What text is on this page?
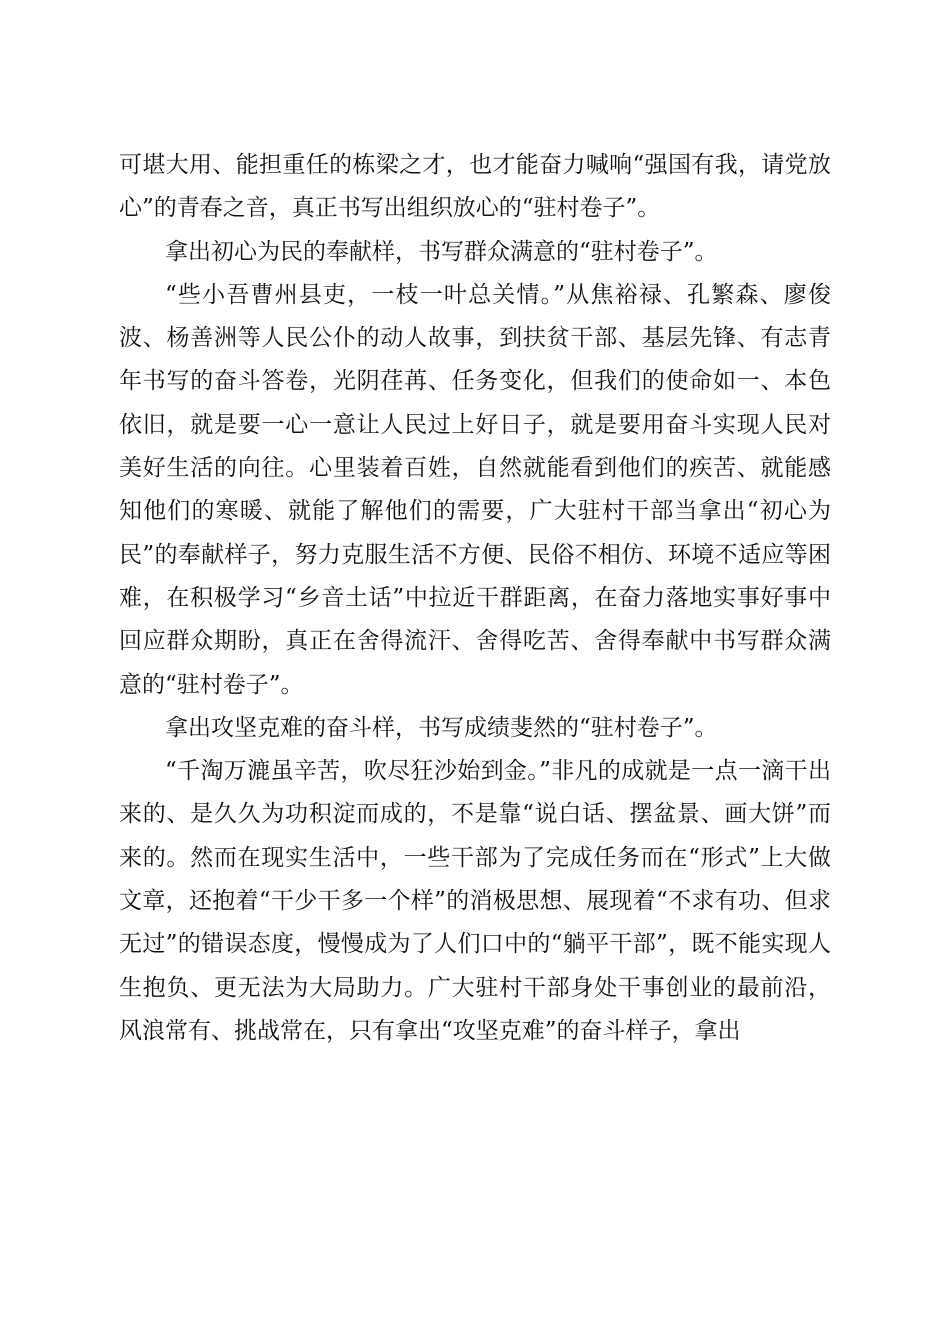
可堪大用、能担重任的栋梁之才，也才能奋力喊响“强国有我，请党放心”的青春之音，真正书写出组织放心的“驻村卷子”。

拿出初心为民的奉献样，书写群众满意的“驻村卷子”。

“些小吾曹州县吏，一枝一叶总关情。”从焦裕禄、孔繁森、廖俊波、杨善洲等人民公仆的动人故事，到扶贫干部、基层先锋、有志青年书写的奋斗答卷，光阴荏苒、任务变化，但我们的使命如一、本色依旧，就是要一心一意让人民过上好日子，就是要用奋斗实现人民对美好生活的向往。心里装着百姓，自然就能看到他们的疾苦、就能感知他们的寒暖、就能了解他们的需要，广大驻村干部当拿出“初心为民”的奉献样子，努力克服生活不方便、民俗不相仿、环境不适应等困难，在积极学习“乡音土话”中拉近干群距离，在奋力落地实事好事中回应群众期盼，真正在舍得流汗、舍得吃苦、舍得奉献中书写群众满意的“驻村卷子”。

拿出攻坚克难的奋斗样，书写成绩斐然的“驻村卷子”。

“千淘万漉虽辛苦，吹尽狂沙始到金。”非凡的成就是一点一滴干出来的、是久久为功积淀而成的，不是靠“说白话、摆盆景、画大饼”而来的。然而在现实生活中，一些干部为了完成任务而在“形式”上大做文章，还抱着“干少干多一个样”的消极思想、展现着“不求有功、但求无过”的错误态度，慢慢成为了人们口中的“躺平干部”，既不能实现人生抱负、更无法为大局助力。广大驻村干部身处干事创业的最前沿，风浪常有、挑战常在，只有拿出“攻坚克难”的奋斗样子，拿出
